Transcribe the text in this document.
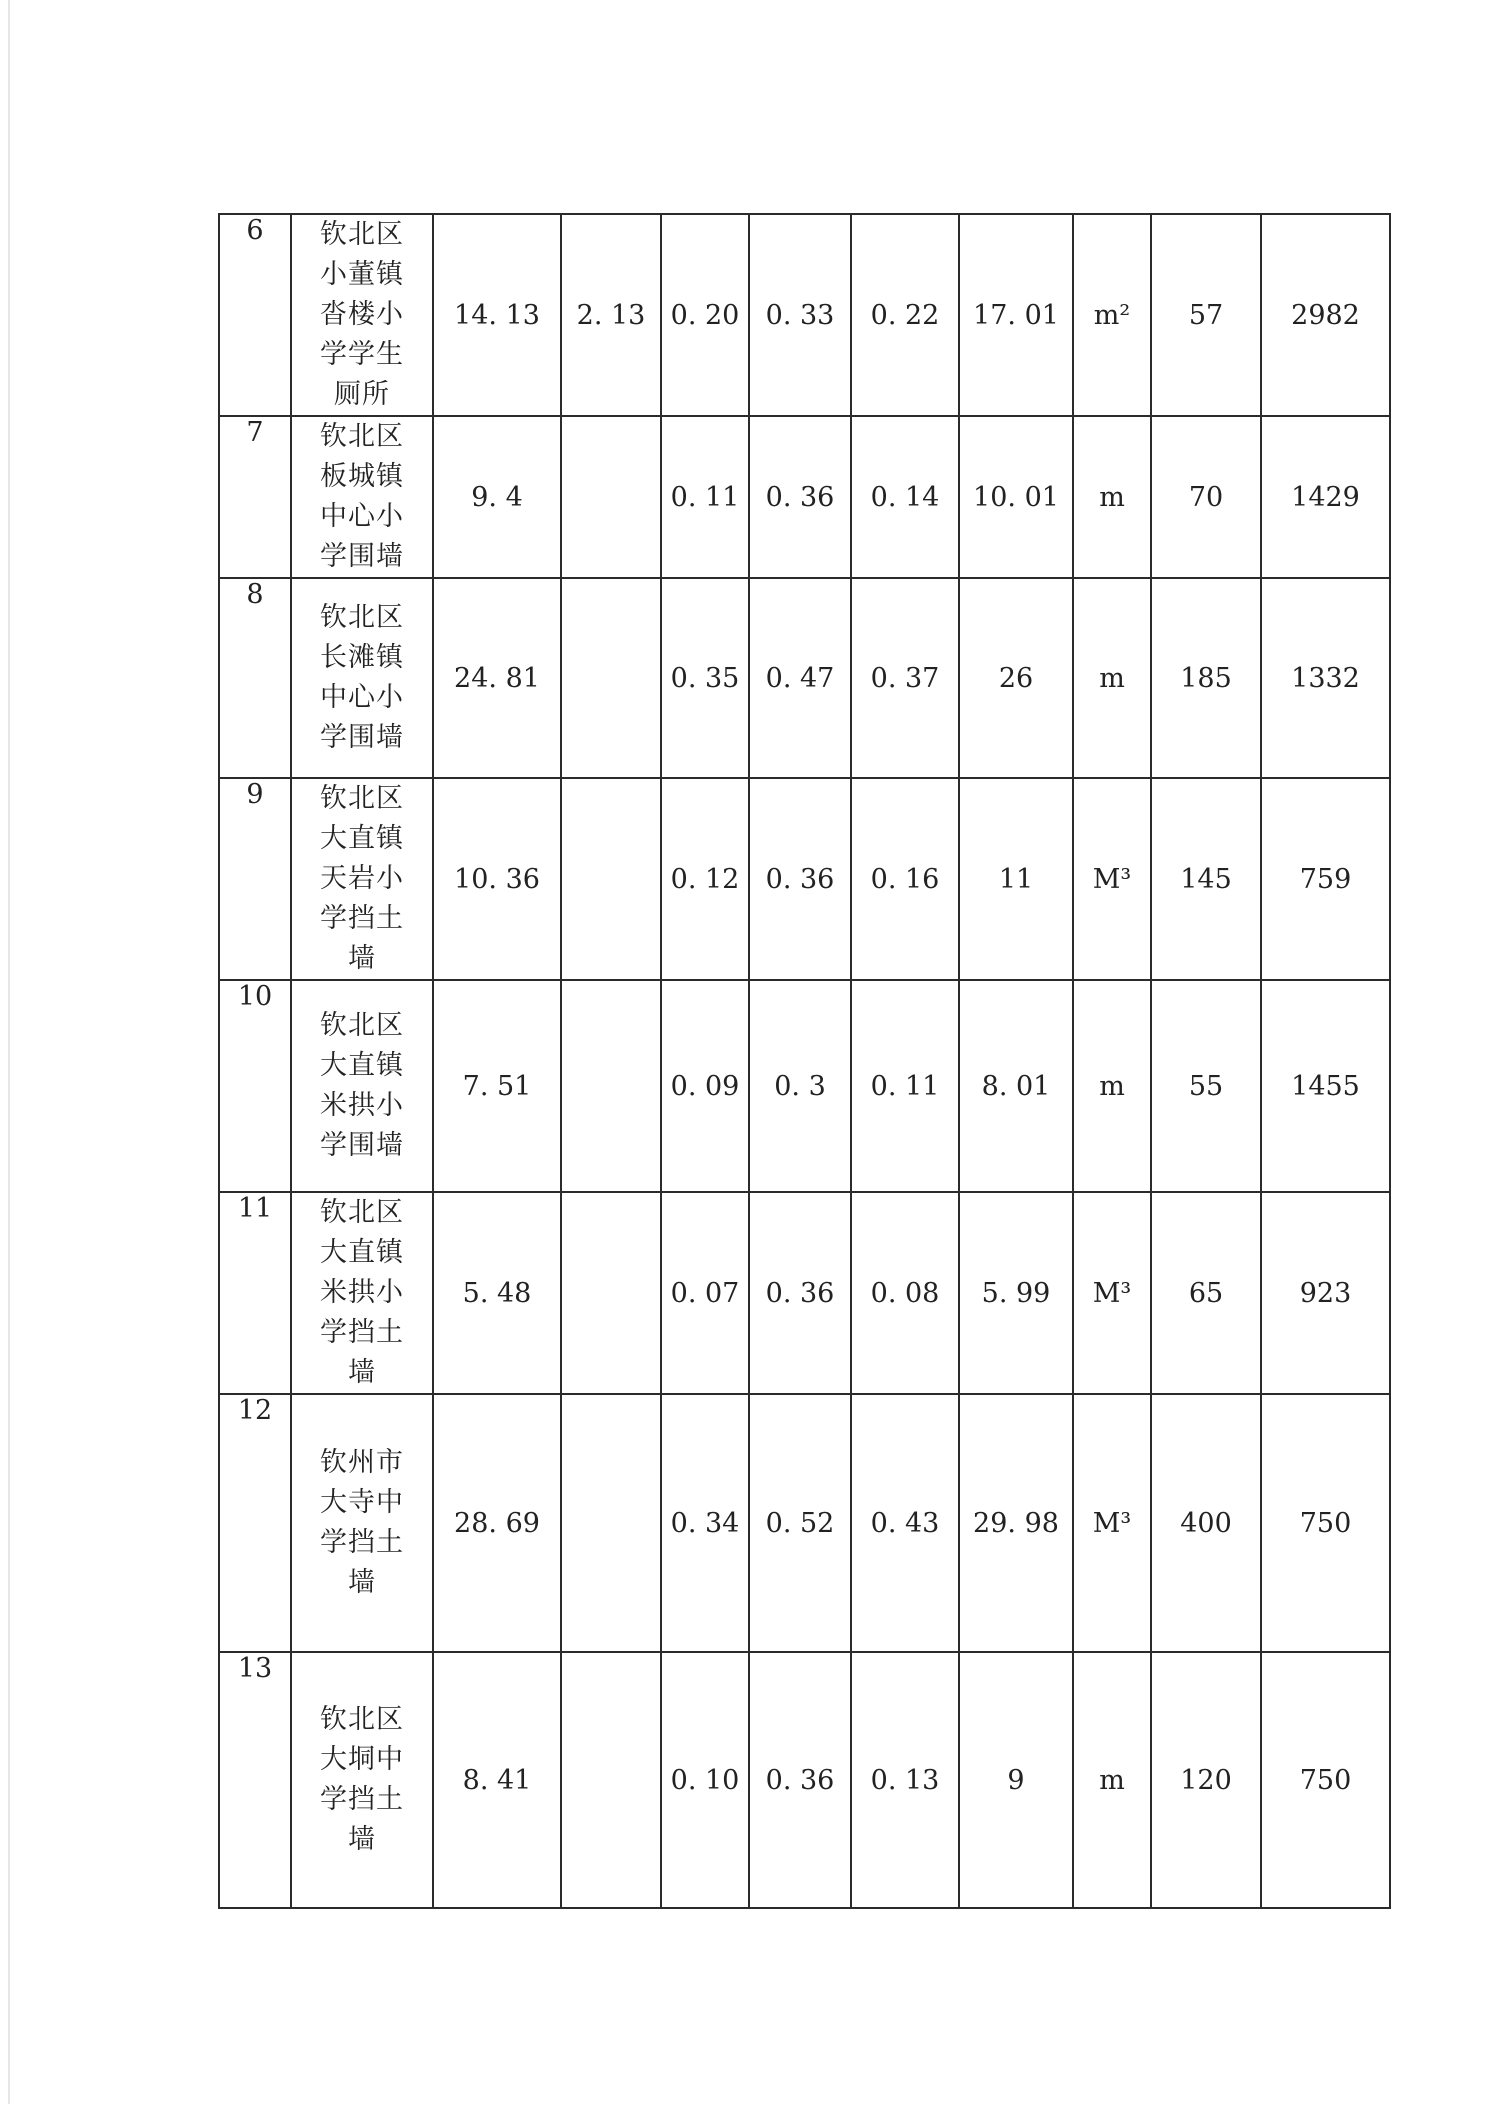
6	钦北区
小董镇
沓楼小
学学生
厕所	14. 13	2. 13	0. 20	0. 33	0. 22	17. 01	m²	57	2982
7	钦北区
板城镇
中心小
学围墙	9. 4		0. 11	0. 36	0. 14	10. 01	m	70	1429
8	钦北区
长滩镇
中心小
学围墙	24. 81		0. 35	0. 47	0. 37	26	m	185	1332
9	钦北区
大直镇
天岩小
学挡土
墙	10. 36		0. 12	0. 36	0. 16	11	M³	145	759
10	钦北区
大直镇
米拱小
学围墙	7. 51		0. 09	0. 3	0. 11	8. 01	m	55	1455
11	钦北区
大直镇
米拱小
学挡土
墙	5. 48		0. 07	0. 36	0. 08	5. 99	M³	65	923
12	钦州市
大寺中
学挡土
墙	28. 69		0. 34	0. 52	0. 43	29. 98	M³	400	750
13	钦北区
大垌中
学挡土
墙	8. 41		0. 10	0. 36	0. 13	9	m	120	750
